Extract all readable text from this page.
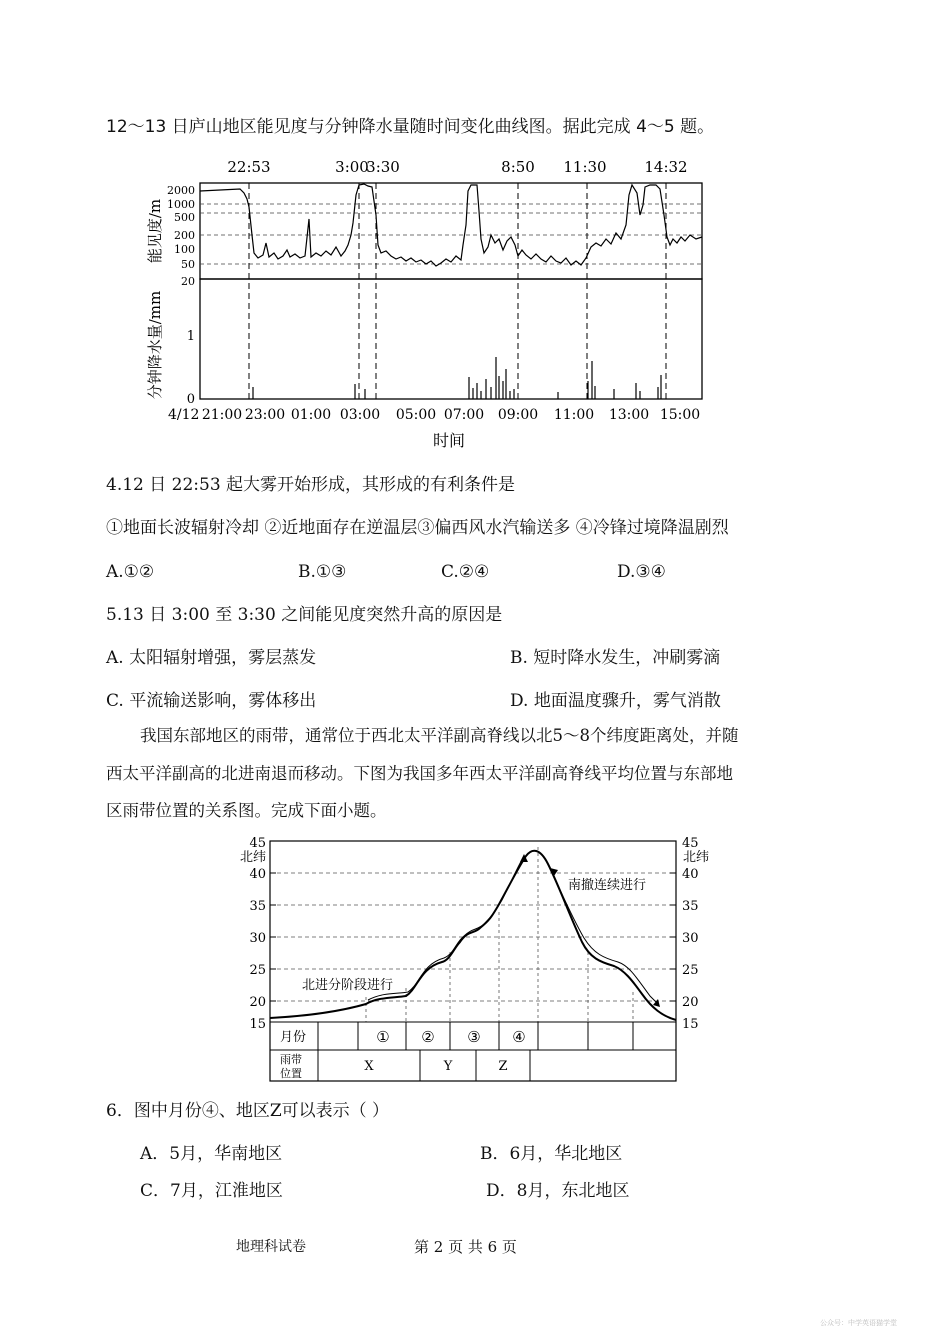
12～13 日庐山地区能见度与分钟降水量随时间变化曲线图。据此完成 4～5 题。
22:53	3:00
3:30	8:50 11:30	14:32
能见度/m
分钟降水量/mm
2000
1000
500
200
100
50
20
1
0
4/12 21:00 23:00 01:00 03:00 05:00 07:00 09:00 11:00 13:00 15:00
时间
4.12 日 22:53 起大雾开始形成，其形成的有利条件是
①地面长波辐射冷却 ②近地面存在逆温层③偏西风水汽输送多 ④冷锋过境降温剧烈
A.①②	B.①③	C.②④	D.③④
5.13 日 3:00 至 3:30 之间能见度突然升高的原因是
A. 太阳辐射增强，雾层蒸发	B. 短时降水发生，冲刷雾滴
C. 平流输送影响，雾体移出	D. 地面温度骤升，雾气消散
我国东部地区的雨带，通常位于西北太平洋副高脊线以北5～8个纬度距离处，并随
西太平洋副高的北进南退而移动。下图为我国多年西太平洋副高脊线平均位置与东部地
区雨带位置的关系图。完成下面小题。
北纬	北纬
45
40
35
30
25
20
15
45
40
35
30
25
20
15
北进分阶段进行
南撤连续进行
月份	① ② ③ ④
雨带
位置	X	Y	Z
6．图中月份④、地区Z可以表示（ ）
A．5月，华南地区	B．6月，华北地区
C．7月，江淮地区	D．8月，东北地区
地理科试卷	第 2 页 共 6 页
公众号：中学英语猫学堂
